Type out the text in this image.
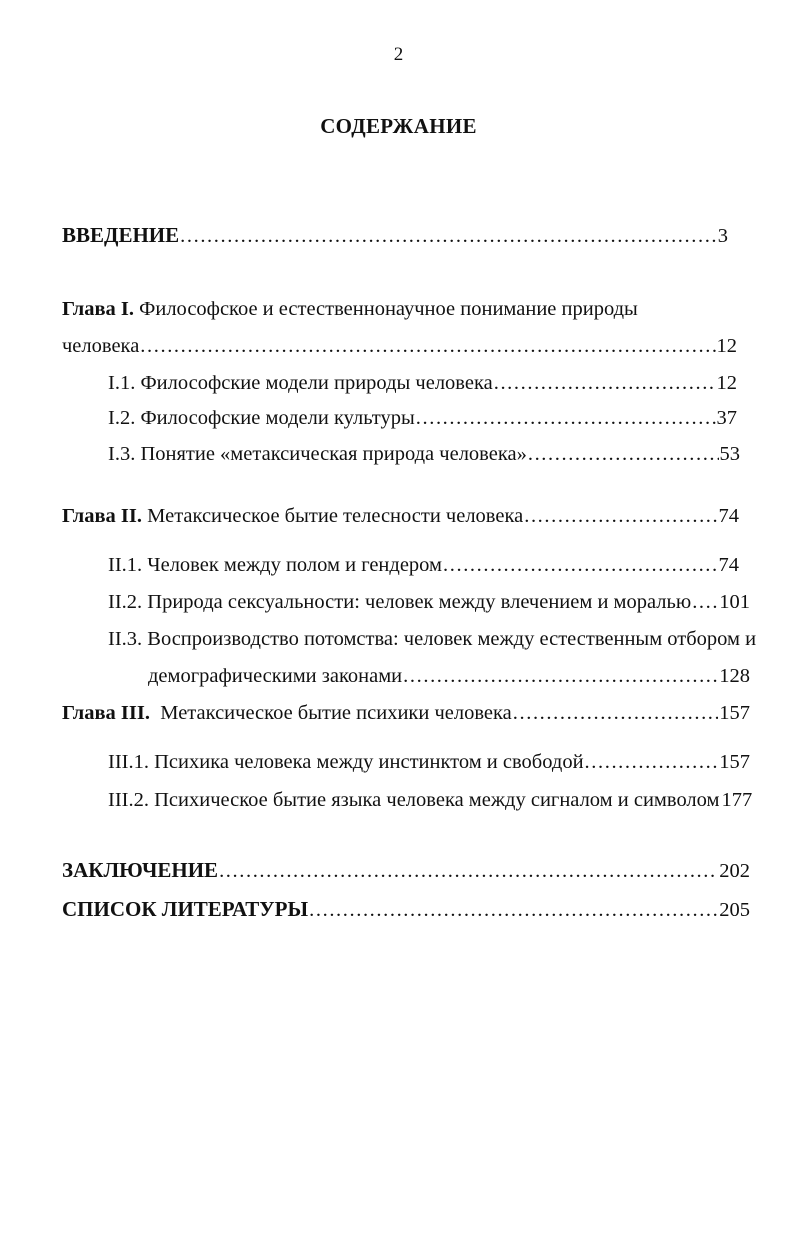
2
СОДЕРЖАНИЕ
ВВЕДЕНИЕ .....	3
Глава I. Философское и естественнонаучное понимание природы
человека .....	12
I.1. Философские модели природы человека .....	12
I.2. Философские модели культуры .....	37
I.3. Понятие «метаксическая природа человека» .....	53
Глава II. Метаксическое бытие телесности человека .....	74
II.1. Человек между полом и гендером .....	74
II.2. Природа сексуальности: человек между влечением и моралью ..... 101
II.3. Воспроизводство потомства: человек между естественным отбором и
демографическими законами .....	128
Глава III.  Метаксическое бытие психики человека .....	157
III.1. Психика человека между инстинктом и свободой .....	157
III.2. Психическое бытие языка человека между сигналом и символом 177
ЗАКЛЮЧЕНИЕ .....	202
СПИСОК ЛИТЕРАТУРЫ .....	205
